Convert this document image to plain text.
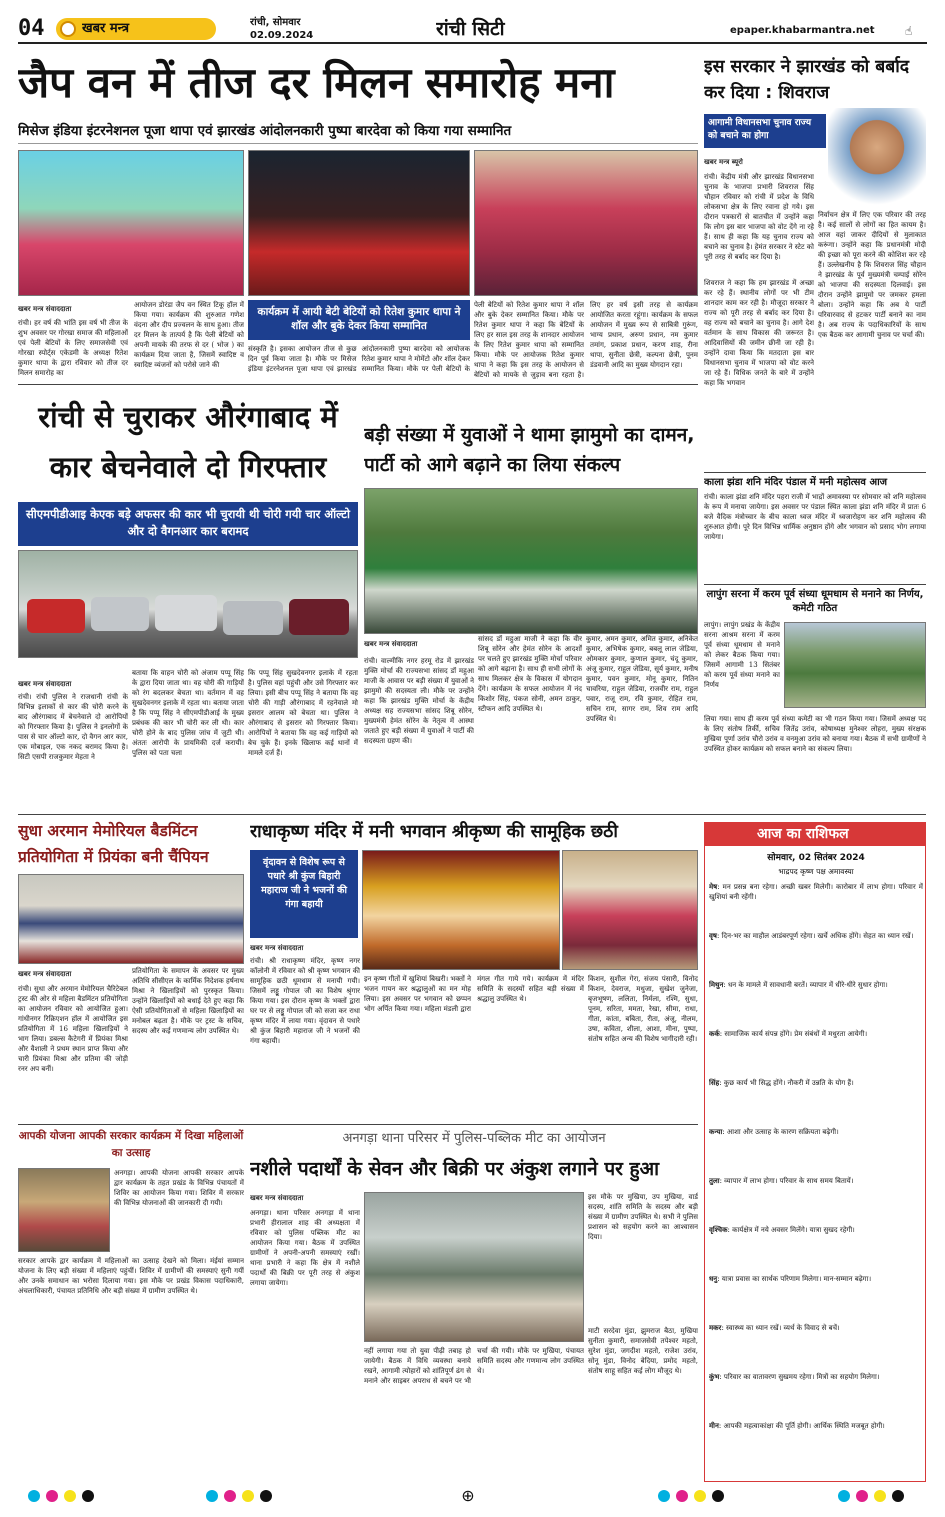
04	खबर मन्त्र	रांची, सोमवार
02.09.2024	रांची सिटी	epaper.khabarmantra.net	☝
जैप वन में तीज दर मिलन समारोह मना
मिसेज इंडिया इंटरनेशनल पूजा थापा एवं झारखंड आंदोलनकारी पुष्पा बारदेवा को किया गया सम्मानित
खबर मन्त्र संवाददाता
रांची। हर वर्ष की भांति इस वर्ष भी तीज के शुभ अवसर पर गोरखा समाज की महिलाओं एवं पेली बेटियों के लिए समाजसेवी एवं गोरखा स्पोर्ट्स एकेडमी के अध्यक्ष रितेश कुमार थापा के द्वारा रविवार को तीज दर मिलन समारोह का
आयोजन डोरंडा जैप वन स्थित टिकू हॉल में किया गया। कार्यक्रम की शुरुआत गणेश वंदना और दीप प्रज्वलन के साथ हुआ। तीज दर मिलन के तात्पर्य है कि पेली बेटियों को अपनी मायके की तरफ से दर ( भोज ) का कार्यक्रम दिया जाता है, जिसमें स्वादिष्ट व स्वादिष्ट व्यंजनों को परोसे जाने की
कार्यक्रम में आयी बेटी बेटियों को रितेश कुमार थापा ने शॉल और बुके देकर किया सम्मानित
संस्कृति है। इसका आयोजन तीज से कुछ दिन पूर्व किया जाता है। मौके पर मिसेज इंडिया इंटरनेशनल पूजा थापा एवं झारखंड आंदोलनकारी पुष्पा बारदेवा को आयोजक रितेश कुमार थापा ने मोमेंटो और शॉल देकर सम्मानित किया। मौके पर पेली बेटियों के
पेली बेटियों को रितेश कुमार थापा ने शॉल और बुके देकर सम्मानित किया। मौके पर रितेश कुमार थापा ने कहा कि बेटियों के लिए हर साल इस तरह के शानदार आयोजन के लिए रितेश कुमार थापा को सम्मानित किया। मौके पर आयोजक रितेश कुमार थापा ने कहा कि इस तरह के आयोजन से बेटियों को मायके से जुड़ाव बना रहता है।
लिए हर वर्ष इसी तरह से कार्यक्रम आयोजित करता रहूंगा। कार्यक्रम के सफल आयोजन में मुख्य रूप से साबित्री गुरूंग, भाग्य प्रधान, अरुण प्रधान, नम कुमार तमांग, प्रकाश प्रधान, करण शाह, रीना थापा, सुनीता छेत्री, कल्पना छेत्री, पूनम डंडवानी आदि का मुख्य योगदान रहा।
इस सरकार ने झारखंड को बर्बाद कर दिया : शिवराज
आगामी विधानसभा चुनाव राज्य को बचाने का होगा
खबर मन्त्र ब्यूरो
रांची। केंद्रीय मंत्री और झारखंड विधानसभा चुनाव के भाजपा प्रभारी शिवराज सिंह चौहान रविवार को रांची में प्रदेश के विधि लोकसभा क्षेत्र के लिए रवाना हो गये। इस दौरान पत्रकारों से बातचीत में उन्होंने कहा कि लोग इस बार भाजपा को वोट देंगे ना रहे हैं। साथ ही कहा कि यह चुनाव राज्य को बचाने का चुनाव है। हेमंत सरकार ने स्टेट को पूरी तरह से बर्बाद कर दिया है।
शिवराज ने कहा कि हम झारखंड में अच्छा कर रहे हैं। स्थानीय लोगों पर भी टीम शानदार काम कर रही है। मौजूदा सरकार ने राज्य को पूरी तरह से बर्बाद कर दिया है। वह राज्य को बचाने का चुनाव है। आगे देश वर्तमान के साथ विकास की जरूरत है। आदिवासियों की जमीन छीनी जा रही है। उन्होंने दावा किया कि मतदाता इस बार विधानसभा चुनाव में भाजपा को वोट करने जा रहे हैं। विधिक जनते के बारे में उन्होंने कहा कि भगवान
निर्वाचन क्षेत्र में लिए एक परिवार की तरह है। कई सालों से लोगों का हित कायम है। आज वहां जाकर दीदियों से मुलाकात करूंगा। उन्होंने कहा कि प्रधानमंत्री मोदी की इच्छा को पूरा करने की कोशिश कर रहे हैं। उल्लेखनीय है कि शिवराज सिंह चौहान ने झारखंड के पूर्व मुख्यमंत्री चम्पाई सोरेन को भाजपा की सदस्यता दिलवाई। इस दौरान उन्होंने झामुमो पर जमकर हमला बोला। उन्होंने कहा कि अब ये पार्टी परिवारवाद से हटकर पार्टी बनाने का नाम है। अब राज्य के पदाधिकारियों के साथ एक बैठक कर आगामी चुनाव पर चर्चा की।
रांची से चुराकर औरंगाबाद में कार बेचनेवाले दो गिरफ्तार
सीएमपीडीआइ केएक बड़े अफसर की कार भी चुरायी थी चोरी गयी चार ऑल्टो और दो वैगनआर कार बरामद
खबर मन्त्र संवाददाता
रांची। रांची पुलिस ने राजधानी रांची के विभिन्न इलाकों से कार की चोरी करने के बाद औरंगाबाद में बेचनेवाले दो आरोपियों को गिरफ्तार किया है। पुलिस ने इनलोगों के पास से चार ऑल्टो कार, दो वैगन आर कार, एक मोबाइल, एक नकद बरामद किया है। सिटी एसपी राजकुमार मेहता ने
बताया कि वाहन चोरी को अंजाम पप्पू सिंह के द्वारा दिया जाता था। वह चोरी की गाड़ियों को रंग बदलकर बेचता था। वर्तमान में वह सुखदेवनगर इलाके में रहता था। बताया जाता है कि पप्पू सिंह ने सीएमपीडीआई के मुख्य प्रबंधक की कार भी चोरी कर ली थी। कार चोरी होने के बाद पुलिस जांच में जुटी थी। अंततः आरोपी के प्रायमिकी दर्ज करायी। पुलिस को पता चला
कि पप्पू सिंह सुखदेवनगर इलाके में रहता है। पुलिस वहां पहुंची और उसे गिरफ्तार कर लिया। इसी बीच पप्पू सिंह ने बताया कि वह चोरी की गाड़ी औरंगाबाद में रहनेवाले मो इसरार आलम को बेचता था। पुलिस ने औरंगाबाद से इसरार को गिरफ्तार किया। आरोपियों ने बताया कि वह कई गाड़ियों को बेच चुके हैं। इनके खिलाफ कई थानों में मामले दर्ज हैं।
बड़ी संख्या में युवाओं ने थामा झामुमो का दामन, पार्टी को आगे बढ़ाने का लिया संकल्प
खबर मन्त्र संवाददाता
रांची। वाल्मीकि नगर हरमू रोड में झारखंड मुक्ति मोर्चा की राज्यसभा सांसद डॉ महुआ माजी के आवास पर बड़ी संख्या में युवाओं ने झामुमो की सदस्यता ली। मौके पर उन्होंने कहा कि झारखंड मुक्ति मोर्चा के केंद्रीय अध्यक्ष सह राज्यसभा सांसद शिबू सोरेन, मुख्यमंत्री हेमंत सोरेन के नेतृत्व में आस्था जताते हुए बड़ी संख्या में युवाओं ने पार्टी की सदस्यता ग्रहण की।
सांसद डॉ महुआ माजी ने कहा कि वीर शिबू सोरेन और हेमंत सोरेन के आदर्शों पर चलते हुए झारखंड मुक्ति मोर्चा परिवार को आगे बढ़ाना है। साथ ही सभी लोगों के साथ मिलकर क्षेत्र के विकास में योगदान देंगे। कार्यक्रम के सफल आयोजन में नंद किशोर सिंह, पंकज सोनी, अमन ठाकुर, स्टीफन आदि उपस्थित थे।
कुमार, अमन कुमार, अमित कुमार, अनिकेत कुमार, अभिषेक कुमार, बबलू लाल जेडिया, ओमकार कुमार, कुणाल कुमार, चंदू कुमार, अंजू कुमार, राहुल जेडिया, सूर्य कुमार, मनीष कुमार, पवन कुमार, मोनू कुमार, नितिन चावरिया, राहुल जेडिया, राजवीर राम, राहुल पवार, राजू राम, रवि कुमार, रोहित राम, सचिन राम, सागर राम, शिव राम आदि उपस्थित थे।
काला झंडा शनि मंदिर पंडाल में मनी महोत्सव आज
रांची। काला झंडा शनि मंदिर पहरा राजी में भाद्रों अमावस्या पर सोमवार को शनि महोत्सव के रूप में मनाया जायेगा। इस अवसर पर पंडाल स्थित काला झंडा शनि मंदिर में प्रातः 6 बजे वैदिक मंत्रोच्चार के बीच काला ध्वज मंदिर में ध्वजारोहण कर शनि महोत्सव की शुरुआत होगी। पूरे दिन विभिन्न धार्मिक अनुष्ठान होंगे और भगवान को प्रसाद भोग लगाया जायेगा।
लापुंग सरना में करम पूर्व संध्या धूमधाम से मनाने का निर्णय, कमेटी गठित
लापुंग। लापुंग प्रखंड के केंद्रीय सरना आश्रम सरना में करम पूर्व संध्या धूमधाम से मनाने को लेकर बैठक किया गया। जिसमें आगामी 13 सितंबर को करम पूर्व संध्या मनाने का निर्णय
लिया गया। साथ ही करम पूर्व संध्या कमेटी का भी गठन किया गया। जिसमें अध्यक्ष पद के लिए संतोष तिर्की, सचिव जितेंद्र उरांव, कोषाध्यक्ष मुनेश्वर लोहरा, मुख्य संरक्षक मुखिया पूर्णा उरांव चौरो उरांव व वनमुआ उरांव को बनाया गया। बैठक में सभी ग्रामीणों ने उपस्थित होकर कार्यक्रम को सफल बनाने का संकल्प लिया।
सुधा अरमान मेमोरियल बैडमिंटन प्रतियोगिता में प्रियंका बनी चैंपियन
खबर मन्त्र संवाददाता
रांची। सुधा और अरमान मेमोरियल चैरिटेबल ट्रस्ट की ओर से महिला बैडमिंटन प्रतियोगिता का आयोजन रविवार को आयोजित हुआ। गांधीनगर रिक्रिएशन हॉल में आयोजित इस प्रतियोगिता में 16 महिला खिलाड़ियों ने भाग लिया। डबल्स कैटेगरी में प्रियंका मिश्रा और वैशाली ने प्रथम स्थान प्राप्त किया और चारी प्रियंका मिश्रा और प्रतिमा की जोड़ी रनर अप बनीं।
प्रतियोगिता के समापन के अवसर पर मुख्य अतिथि सीसीएल के कार्मिक निदेशक हर्षनाथ मिश्रा ने खिलाड़ियों को पुरस्कृत किया। उन्होंने खिलाड़ियों को बधाई देते हुए कहा कि ऐसी प्रतियोगिताओं से महिला खिलाड़ियों का मनोबल बढ़ता है। मौके पर ट्रस्ट के सचिव, सदस्य और कई गणमान्य लोग उपस्थित थे।
राधाकृष्ण मंदिर में मनी भगवान श्रीकृष्ण की सामूहिक छठी
वृंदावन से विशेष रूप से पधारे श्री कुंज बिहारी महाराज जी ने भजनों की गंगा बहायी
खबर मन्त्र संवाददाता
रांची। श्री राधाकृष्ण मंदिर, कृष्ण नगर कॉलोनी में रविवार को श्री कृष्ण भगवान की सामूहिक छठी धूमधाम से मनायी गयी। जिसमें लड्डू गोपाल जी का विशेष श्रृंगार किया गया। इस दौरान कृष्ण के भक्तों द्वारा घर पर से लड्डू गोपाल जी को सजा कर राधा कृष्ण मंदिर में लाया गया। वृंदावन से पधारे श्री कुंज बिहारी महाराज जी ने भजनों की गंगा बहायी।
इन कृष्ण गीतों में खुशियां बिखरी। भक्तों ने भजन गायन कर श्रद्धालुओं का मन मोह लिया। इस अवसर पर भगवान को छप्पन भोग अर्पित किया गया। महिला मंडली द्वारा मंगल गीत गाये गये। कार्यक्रम में मंदिर समिति के सदस्यों सहित बड़ी संख्या में श्रद्धालु उपस्थित थे।
किशन, सुशील गेरा, संजय पंसारी, विनोद किशन, देवराज, मधुजा, सुखेश जुनेजा, बृजभूषण, ललिता, निर्मला, रश्मि, सुधा, पूनम, सरिता, ममता, रेखा, सीमा, राधा, गीता, कांता, बबिता, रीता, अंजू, नीलम, उषा, कविता, शीला, आशा, मीना, पुष्पा, संतोष सहित अन्य की विशेष भागीदारी रही।
आज का राशिफल
सोमवार, 02 सितंबर 2024
भाद्रपद कृष्ण पक्ष अमावस्या
मेष: मन प्रसन्न बना रहेगा। अच्छी खबर मिलेगी। कारोबार में लाभ होगा। परिवार में खुशियां बनी रहेंगी।
वृष: दिन-भर का माहौल आडंबरपूर्ण रहेगा। खर्चे अधिक होंगे। सेहत का ध्यान रखें।
मिथुन: धन के मामले में सावधानी बरतें। व्यापार में धीरे-धीरे सुधार होगा।
कर्क: सामाजिक कार्य संपन्न होंगे। प्रेम संबंधों में मधुरता आयेगी।
सिंह: कुछ कार्य भी सिद्ध होंगे। नौकरी में उन्नति के योग हैं।
कन्या: आशा और उत्साह के कारण सक्रियता बढ़ेगी।
तुला: व्यापार में लाभ होगा। परिवार के साथ समय बितायें।
वृश्चिक: कार्यक्षेत्र में नये अवसर मिलेंगे। यात्रा सुखद रहेगी।
धनु: यात्रा प्रवास का सार्थक परिणाम मिलेगा। मान-सम्मान बढ़ेगा।
मकर: स्वास्थ्य का ध्यान रखें। व्यर्थ के विवाद से बचें।
कुंभ: परिवार का वातावरण सुखमय रहेगा। मित्रों का सहयोग मिलेगा।
मीन: आपकी महत्वाकांक्षा की पूर्ति होगी। आर्थिक स्थिति मजबूत होगी।
आपकी योजना आपकी सरकार कार्यक्रम में दिखा महिलाओं का उत्साह
अनगड़ा। आपकी योजना आपकी सरकार आपके द्वार कार्यक्रम के तहत प्रखंड के विभिन्न पंचायतों में शिविर का आयोजन किया गया। शिविर में सरकार की विभिन्न योजनाओं की जानकारी दी गयी।
सरकार आपके द्वार कार्यक्रम में महिलाओं का उत्साह देखने को मिला। मंईयां सम्मान योजना के लिए बड़ी संख्या में महिलाएं पहुंचीं। शिविर में ग्रामीणों की समस्याएं सुनी गयीं और उनके समाधान का भरोसा दिलाया गया। इस मौके पर प्रखंड विकास पदाधिकारी, अंचलाधिकारी, पंचायत प्रतिनिधि और बड़ी संख्या में ग्रामीण उपस्थित थे।
अनगड़ा थाना परिसर में पुलिस-पब्लिक मीट का आयोजन
नशीले पदार्थों के सेवन और बिक्री पर अंकुश लगाने पर हुआ
खबर मन्त्र संवाददाता
अनगड़ा। थाना परिसर अनगड़ा में थाना प्रभारी हीरालाल शाह की अध्यक्षता में रविवार को पुलिस पब्लिक मीट का आयोजन किया गया। बैठक में उपस्थित ग्रामीणों ने अपनी-अपनी समस्याएं रखीं। थाना प्रभारी ने कहा कि क्षेत्र में नशीले पदार्थों की बिक्री पर पूरी तरह से अंकुश लगाया जायेगा।
नहीं लगाया गया तो युवा पीढ़ी तबाह हो जायेगी। बैठक में विधि व्यवस्था बनाये रखने, आगामी त्योहारों को शांतिपूर्ण ढंग से मनाने और साइबर अपराध से बचने पर भी चर्चा की गयी। मौके पर मुखिया, पंचायत समिति सदस्य और गणमान्य लोग उपस्थित थे।
इस मौके पर मुखिया, उप मुखिया, वार्ड सदस्य, शांति समिति के सदस्य और बड़ी संख्या में ग्रामीण उपस्थित थे। सभी ने पुलिस प्रशासन को सहयोग करने का आश्वासन दिया।
माटी सरदेवा मुंडा, झुमराज बैठा, मुखिया सुनीता कुमारी, समाजसेवी तपेश्वर महतो, सुरेश मुंडा, जगदीश महतो, राजेश उरांव, सोनू मुंडा, विनोद बेदिया, प्रमोद महतो, संतोष साहू सहित कई लोग मौजूद थे।
⊕
